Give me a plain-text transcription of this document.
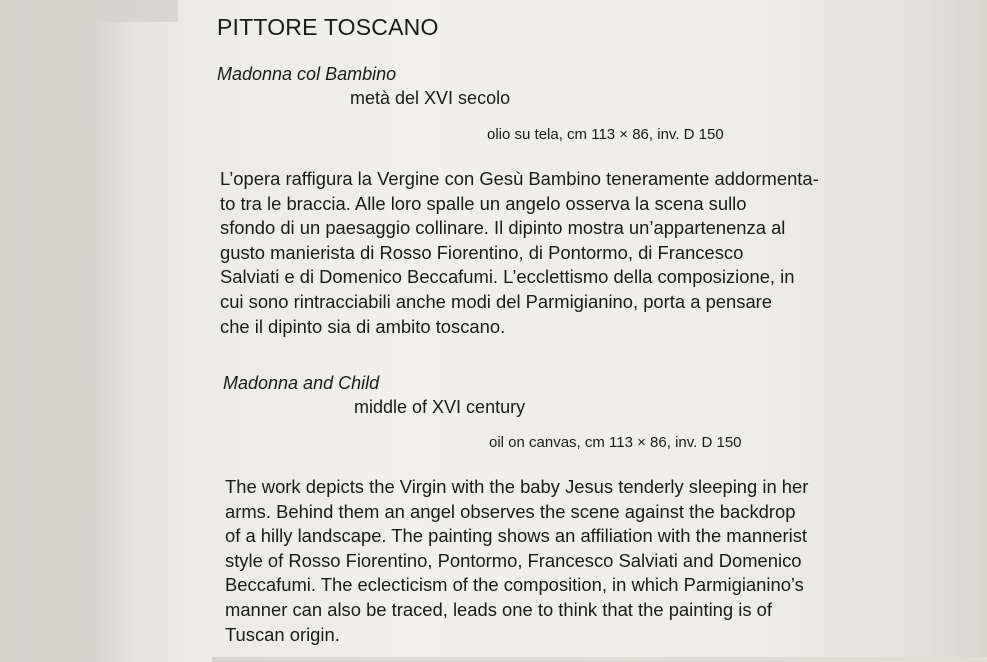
PITTORE TOSCANO
Madonna col Bambino
metà del XVI secolo
olio su tela, cm 113 × 86, inv. D 150
L’opera raffigura la Vergine con Gesù Bambino teneramente addormenta-
to tra le braccia. Alle loro spalle un angelo osserva la scena sullo
sfondo di un paesaggio collinare. Il dipinto mostra un’appartenenza al
gusto manierista di Rosso Fiorentino, di Pontormo, di Francesco
Salviati e di Domenico Beccafumi. L’ecclettismo della composizione, in
cui sono rintracciabili anche modi del Parmigianino, porta a pensare
che il dipinto sia di ambito toscano.
Madonna and Child
middle of XVI century
oil on canvas, cm 113 × 86, inv. D 150
The work depicts the Virgin with the baby Jesus tenderly sleeping in her
arms. Behind them an angel observes the scene against the backdrop
of a hilly landscape. The painting shows an affiliation with the mannerist
style of Rosso Fiorentino, Pontormo, Francesco Salviati and Domenico
Beccafumi. The eclecticism of the composition, in which Parmigianino’s
manner can also be traced, leads one to think that the painting is of
Tuscan origin.
